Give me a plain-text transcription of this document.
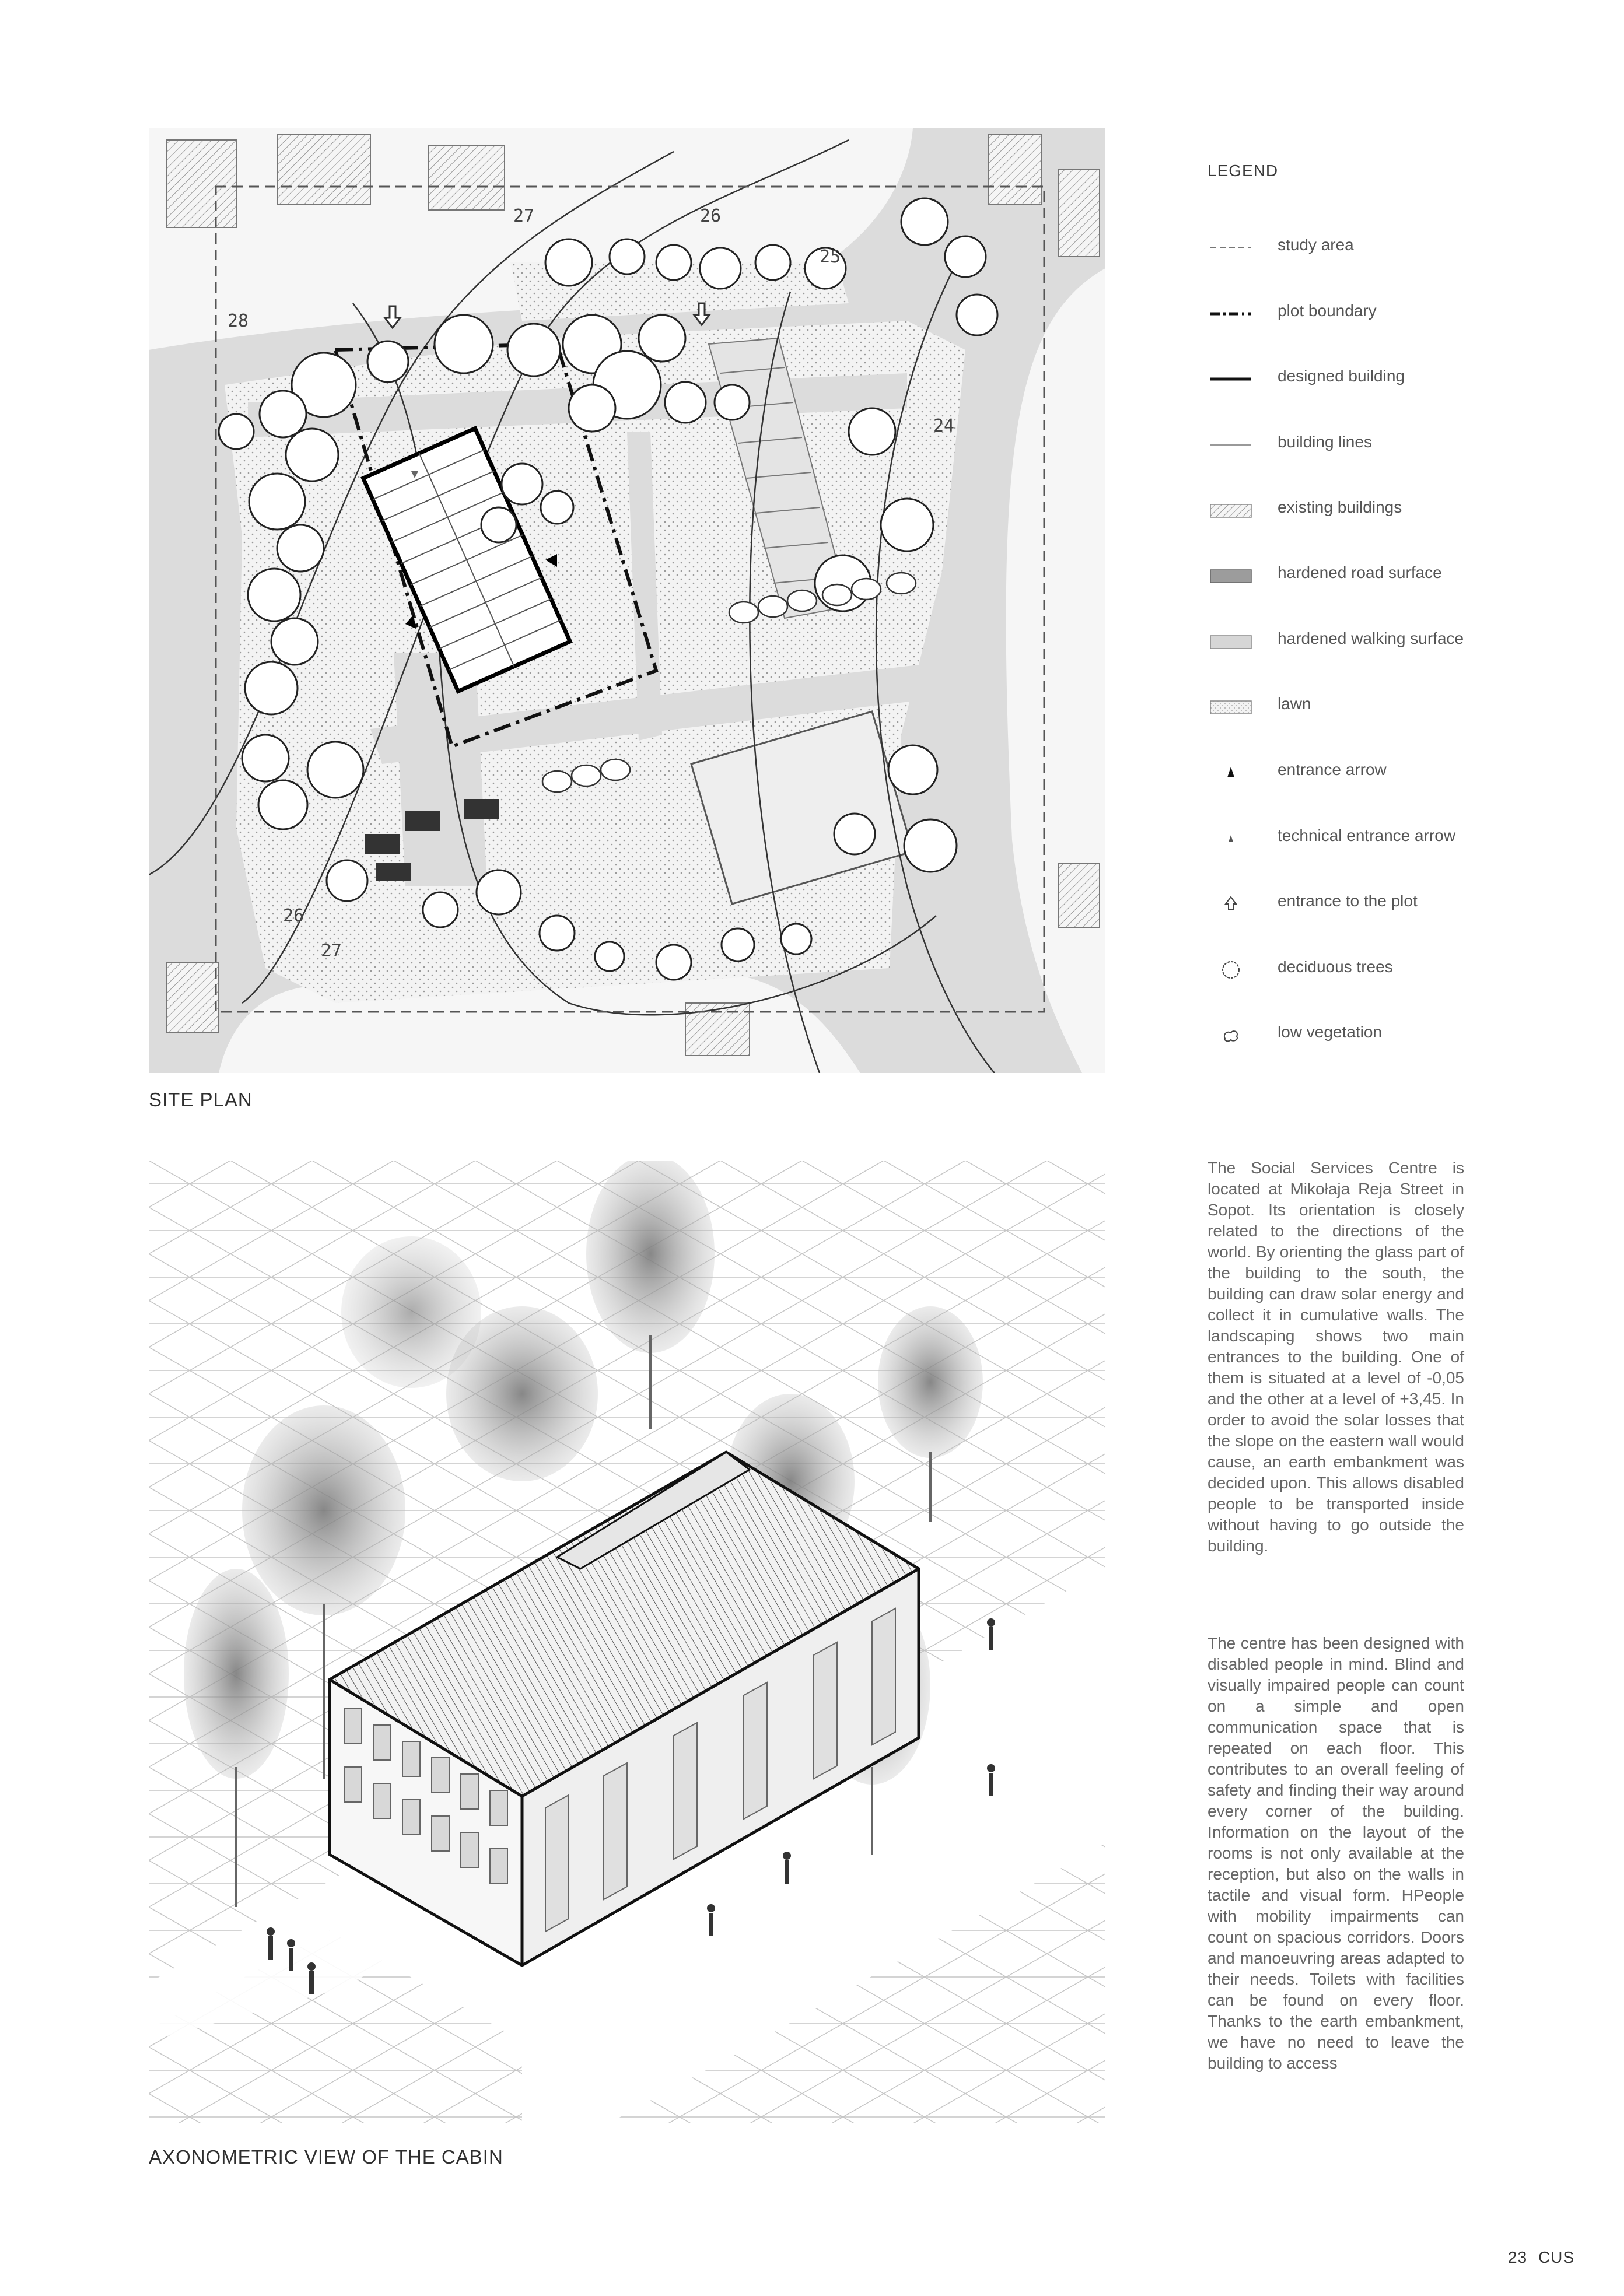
27	26
25
28
24
26
27
SITE PLAN
LEGEND
study area
plot boundary
designed building
building lines
existing buildings
hardened road surface
hardened walking surface
lawn
entrance arrow
technical entrance arrow
entrance to the plot
deciduous trees
low vegetation
AXONOMETRIC VIEW OF THE CABIN
The Social Services Centre is located at Mikołaja Reja Street in Sopot. Its orientation is closely related to the directions of the world. By orienting the glass part of the building to the south, the building can draw solar energy and collect it in cumulative walls. The landscaping shows two main entrances to the building. One of them is situated at a level of -0,05 and the other at a level of +3,45. In order to avoid the solar losses that the slope on the eastern wall would cause, an earth embankment was decided upon. This allows disabled people to be transported inside without having to go outside the building.
The centre has been designed with disabled people in mind. Blind and visually impaired people can count on a simple and open communication space that is repeated on each floor. This contributes to an overall feeling of safety and finding their way around every corner of the building. Information on the layout of the rooms is not only available at the reception, but also on the walls in tactile and visual form. HPeople with mobility impairments can count on spacious corridors. Doors and manoeuvring areas adapted to their needs. Toilets with facilities can be found on every floor. Thanks to the earth embankment, we have no need to leave the building to access
23 CUS
